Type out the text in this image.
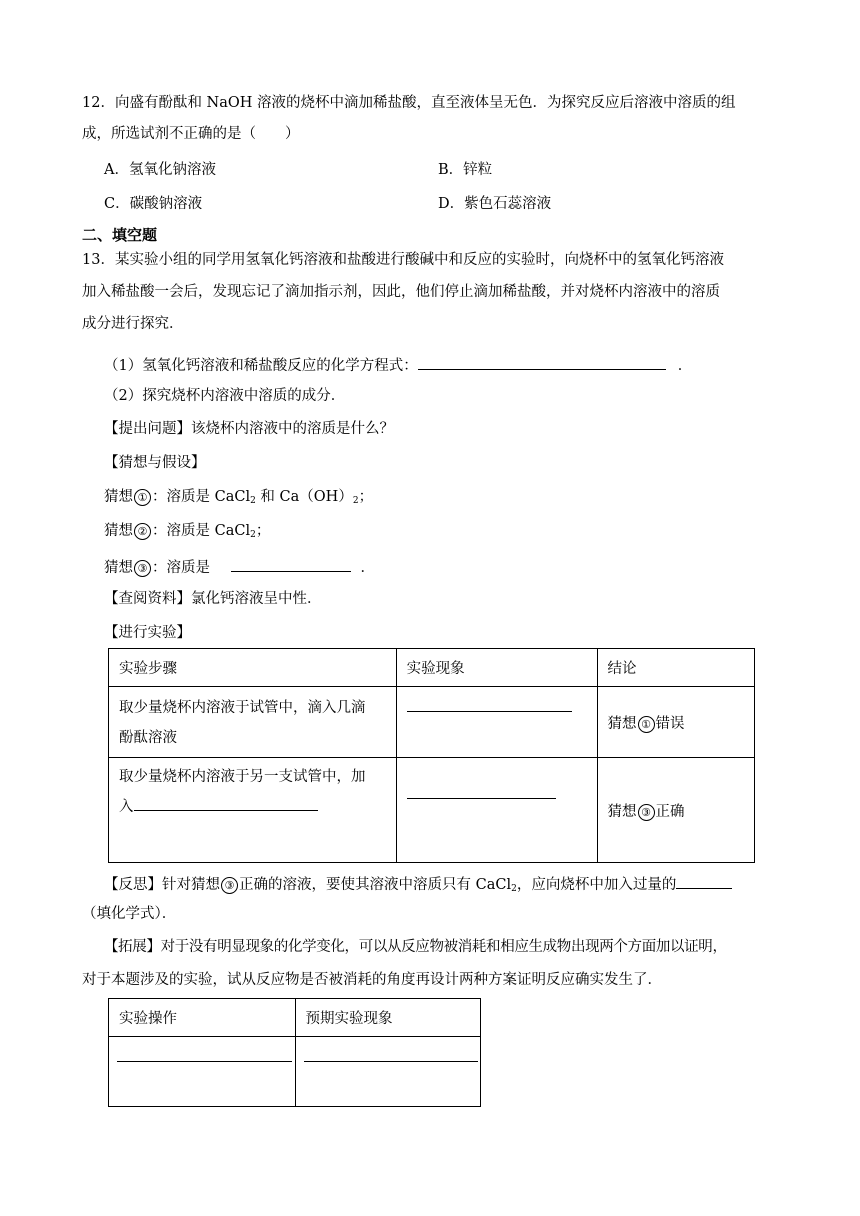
12．向盛有酚酞和 NaOH 溶液的烧杯中滴加稀盐酸，直至液体呈无色．为探究反应后溶液中溶质的组
成，所选试剂不正确的是（　　）
A．氢氧化钠溶液	B．锌粒
C．碳酸钠溶液	D．紫色石蕊溶液
二、填空题
13．某实验小组的同学用氢氧化钙溶液和盐酸进行酸碱中和反应的实验时，向烧杯中的氢氧化钙溶液
加入稀盐酸一会后，发现忘记了滴加指示剂，因此，他们停止滴加稀盐酸，并对烧杯内溶液中的溶质
成分进行探究．
（1）氢氧化钙溶液和稀盐酸反应的化学方程式：	．
（2）探究烧杯内溶液中溶质的成分．
【提出问题】该烧杯内溶液中的溶质是什么？
【猜想与假设】
猜想 ① ：溶质是 CaCl$_2$ 和 $Ca(OH)_2$；
猜想 ② ：溶质是 CaCl$_2$；
猜想 ③ ：溶质是　	．
【查阅资料】氯化钙溶液呈中性．
【进行实验】
实验步骤	实验现象	结论

取少量烧杯内溶液于试管中，滴入几滴
酚酞溶液		猜想 ① 错误

取少量烧杯内溶液于另一支试管中，加
入		猜想 ③ 正确
【反思】针对猜想 ③ 正确的溶液，要使其溶液中溶质只有 CaCl$_2$，应向烧杯中加入过量的
（填化学式）．
【拓展】对于没有明显现象的化学变化，可以从反应物被消耗和相应生成物出现两个方面加以证明，
对于本题涉及的实验，试从反应物是否被消耗的角度再设计两种方案证明反应确实发生了．
实验操作	预期实验现象
